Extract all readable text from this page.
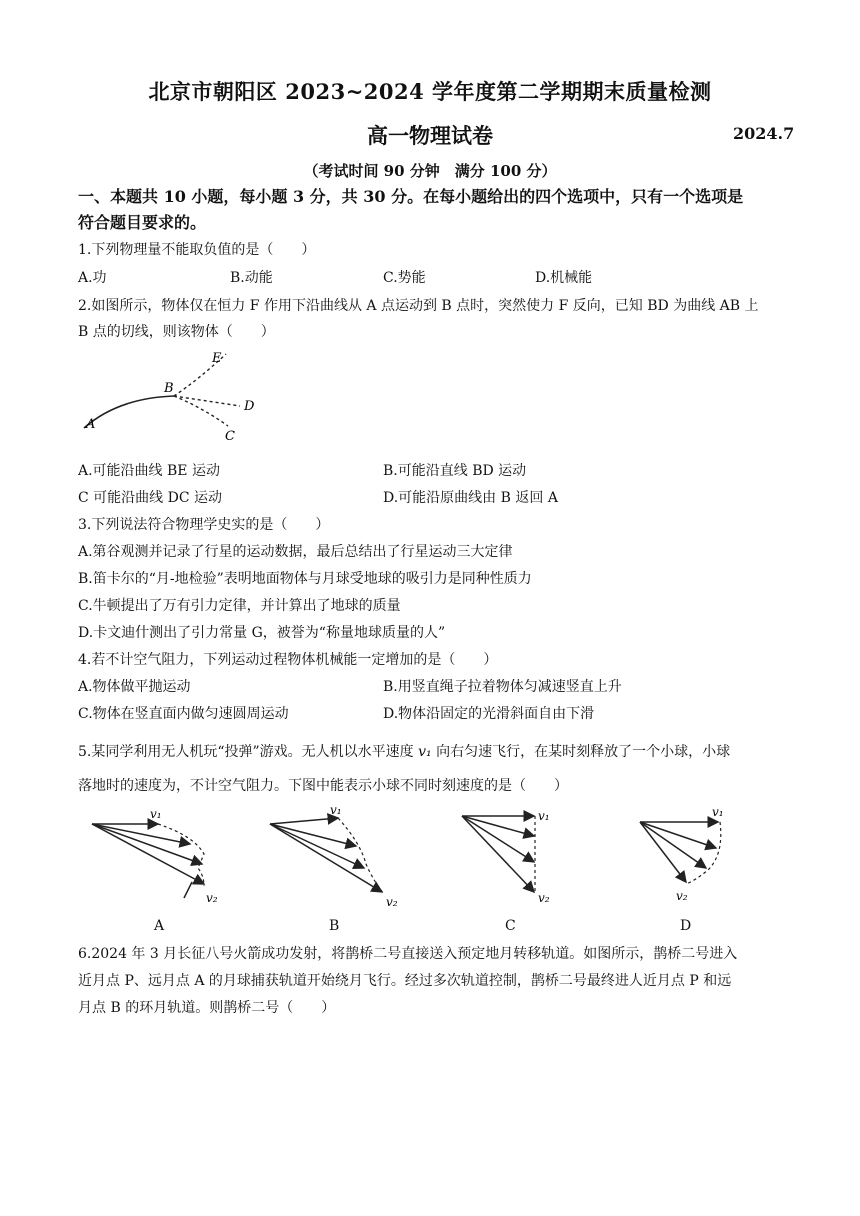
北京市朝阳区 2023~2024 学年度第二学期期末质量检测
高一物理试卷	2024.7
（考试时间 90 分钟　满分 100 分）
一、本题共 10 小题，每小题 3 分，共 30 分。在每小题给出的四个选项中，只有一个选项是
符合题目要求的。
1.下列物理量不能取负值的是（　　）
A.功	B.动能	C.势能	D.机械能
2.如图所示，物体仅在恒力 F 作用下沿曲线从 A 点运动到 B 点时，突然使力 F 反向，已知 BD 为曲线 AB 上
B 点的切线，则该物体（　　）
A
B
C
D
E
A.可能沿曲线 BE 运动	B.可能沿直线 BD 运动
C 可能沿曲线 DC 运动	D.可能沿原曲线由 B 返回 A
3.下列说法符合物理学史实的是（　　）
A.第谷观测并记录了行星的运动数据，最后总结出了行星运动三大定律
B.笛卡尔的“月-地检验”表明地面物体与月球受地球的吸引力是同种性质力
C.牛顿提出了万有引力定律，并计算出了地球的质量
D.卡文迪什测出了引力常量 G，被誉为“称量地球质量的人”
4.若不计空气阻力，下列运动过程物体机械能一定增加的是（　　）
A.物体做平抛运动	B.用竖直绳子拉着物体匀减速竖直上升
C.物体在竖直面内做匀速圆周运动	D.物体沿固定的光滑斜面自由下滑
5.某同学利用无人机玩“投弹”游戏。无人机以水平速度 v₁ 向右匀速飞行，在某时刻释放了一个小球，小球
落地时的速度为，不计空气阻力。下图中能表示小球不同时刻速度的是（　　）
v₁
v₂
v₁
v₂
v₁
v₂
v₁
v₂
A	B	C	D
6.2024 年 3 月长征八号火箭成功发射，将鹊桥二号直接送入预定地月转移轨道。如图所示，鹊桥二号进入
近月点 P、远月点 A 的月球捕获轨道开始绕月飞行。经过多次轨道控制，鹊桥二号最终进人近月点 P 和远
月点 B 的环月轨道。则鹊桥二号（　　）
